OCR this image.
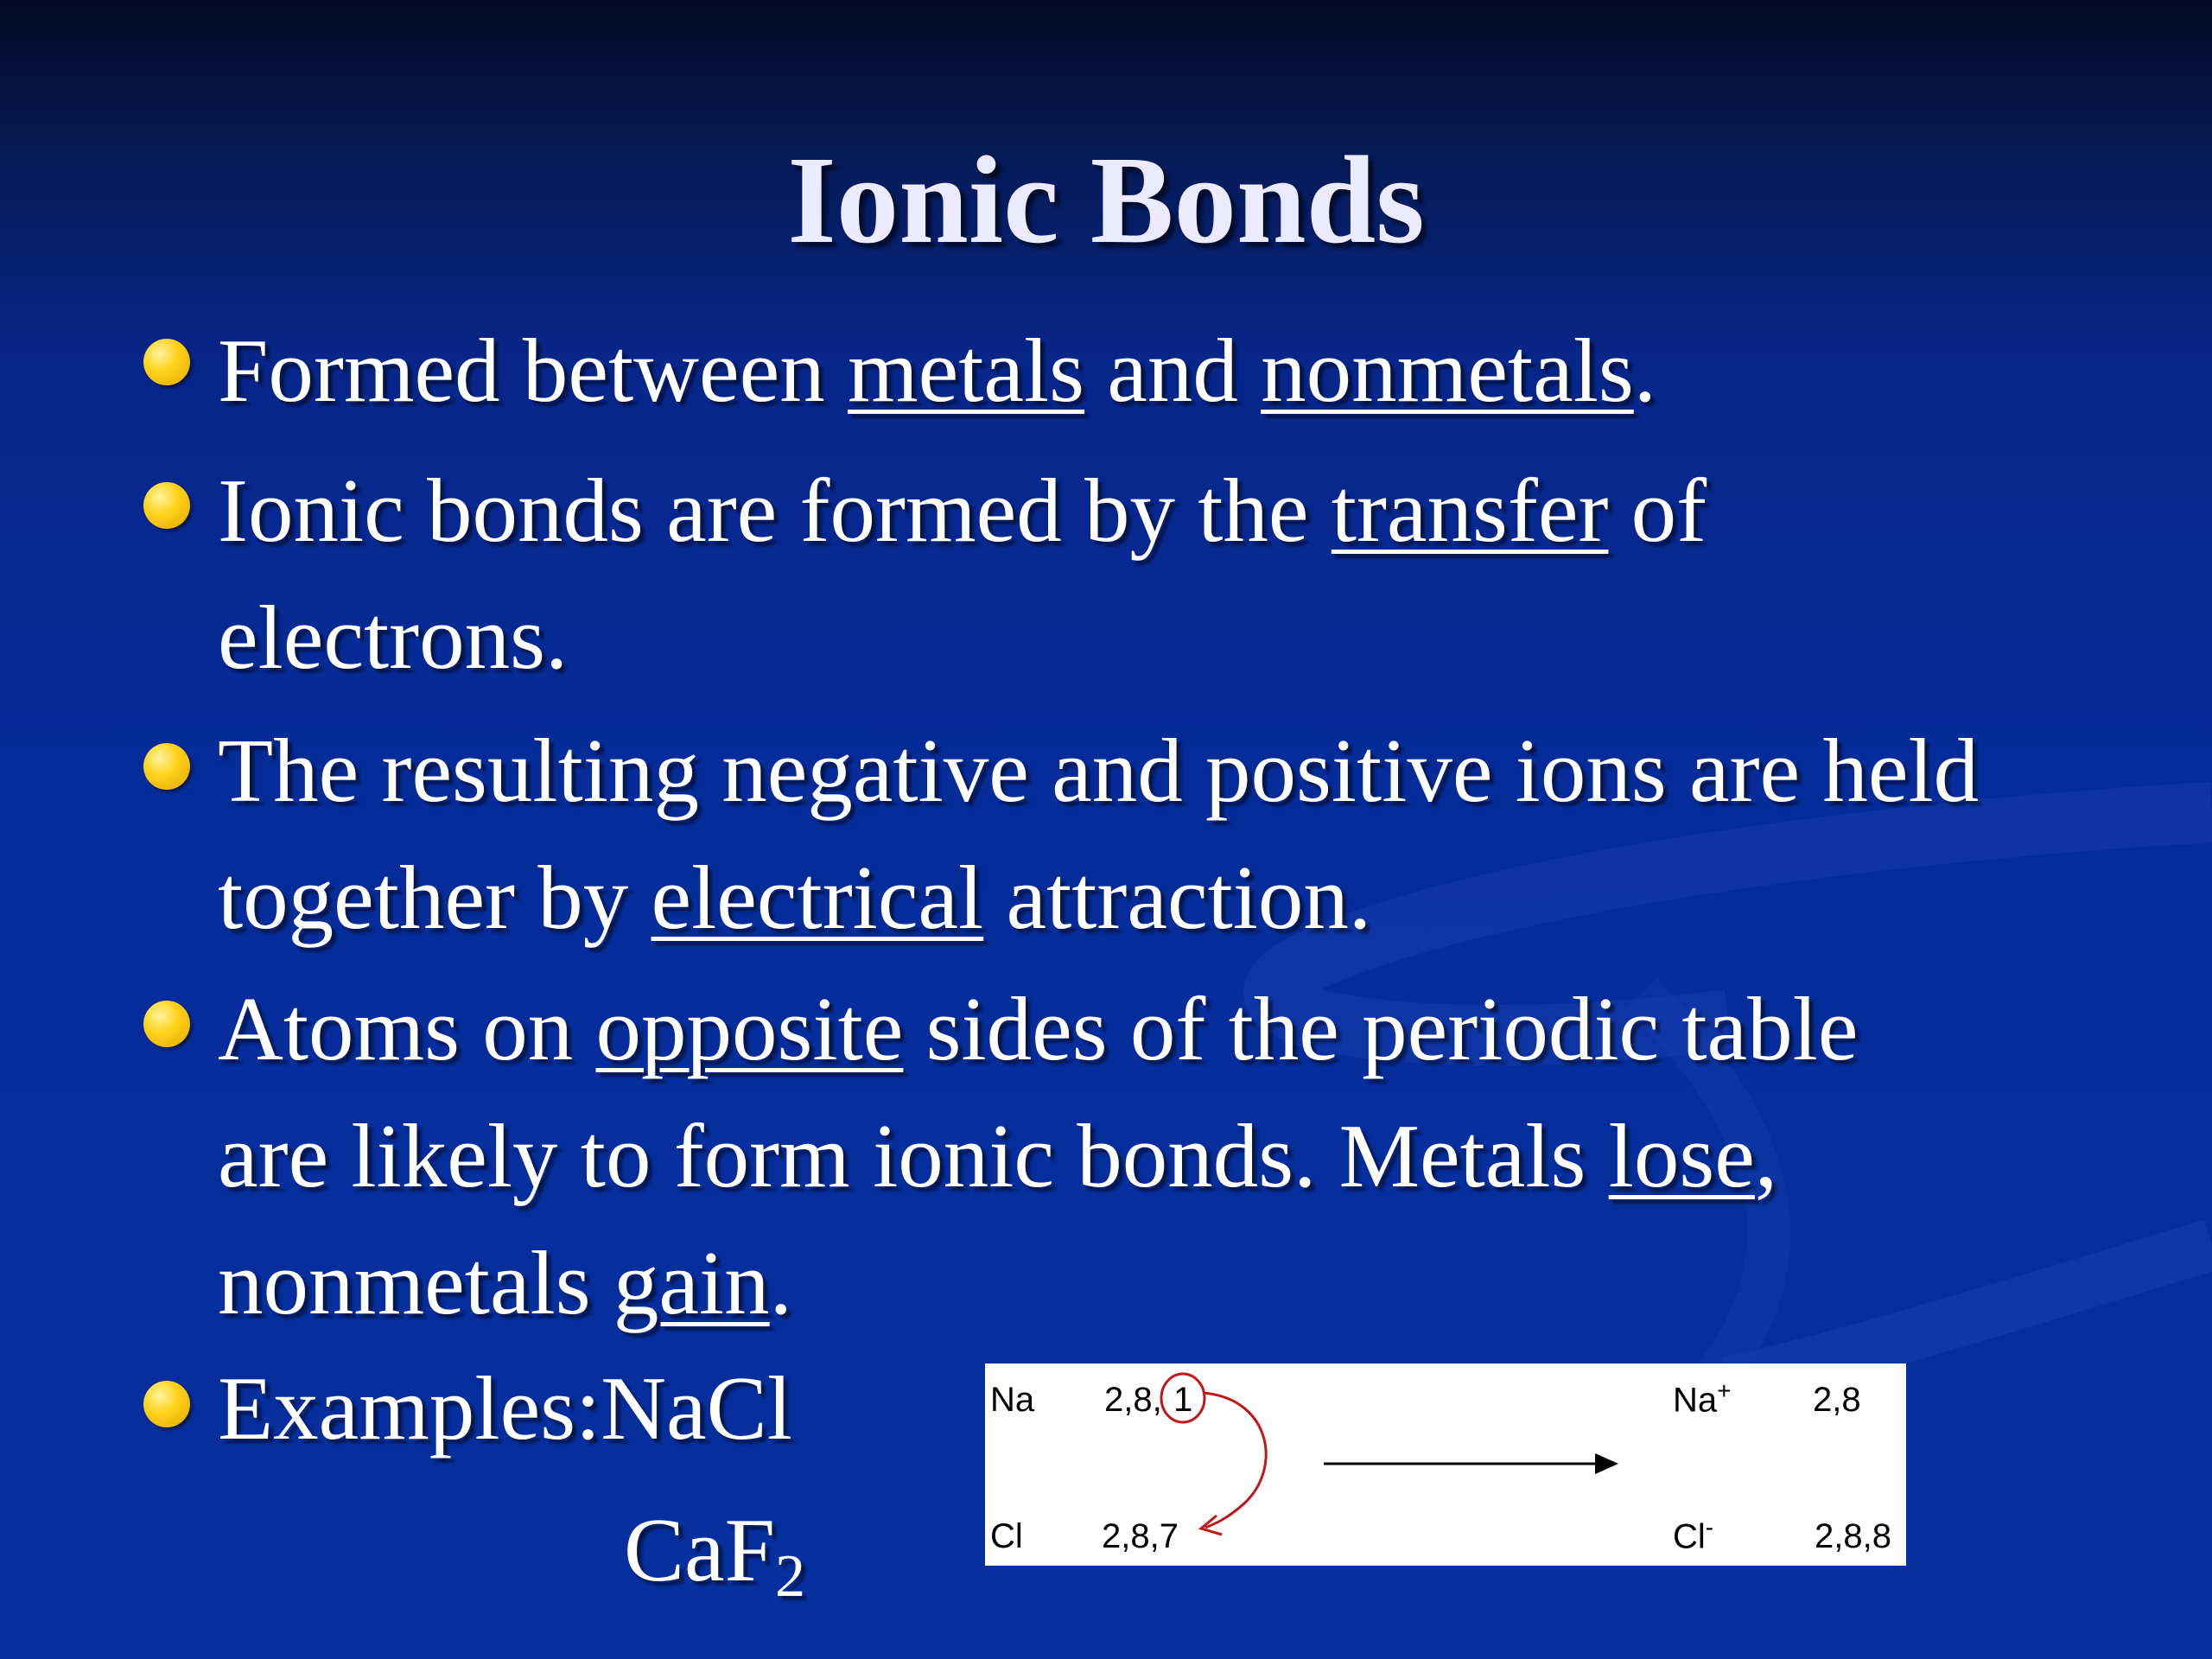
Ionic Bonds
Formed between metals and nonmetals.
Ionic bonds are formed by the transfer of
electrons.
The resulting negative and positive ions are held
together by electrical attraction.
Atoms on opposite sides of the periodic table
are likely to form ionic bonds. Metals lose,
nonmetals gain.
Examples:NaCl
CaF$_2$
Na 2,8, 1
Cl 2,8,7
Na+ 2,8
Cl-	2,8,8
